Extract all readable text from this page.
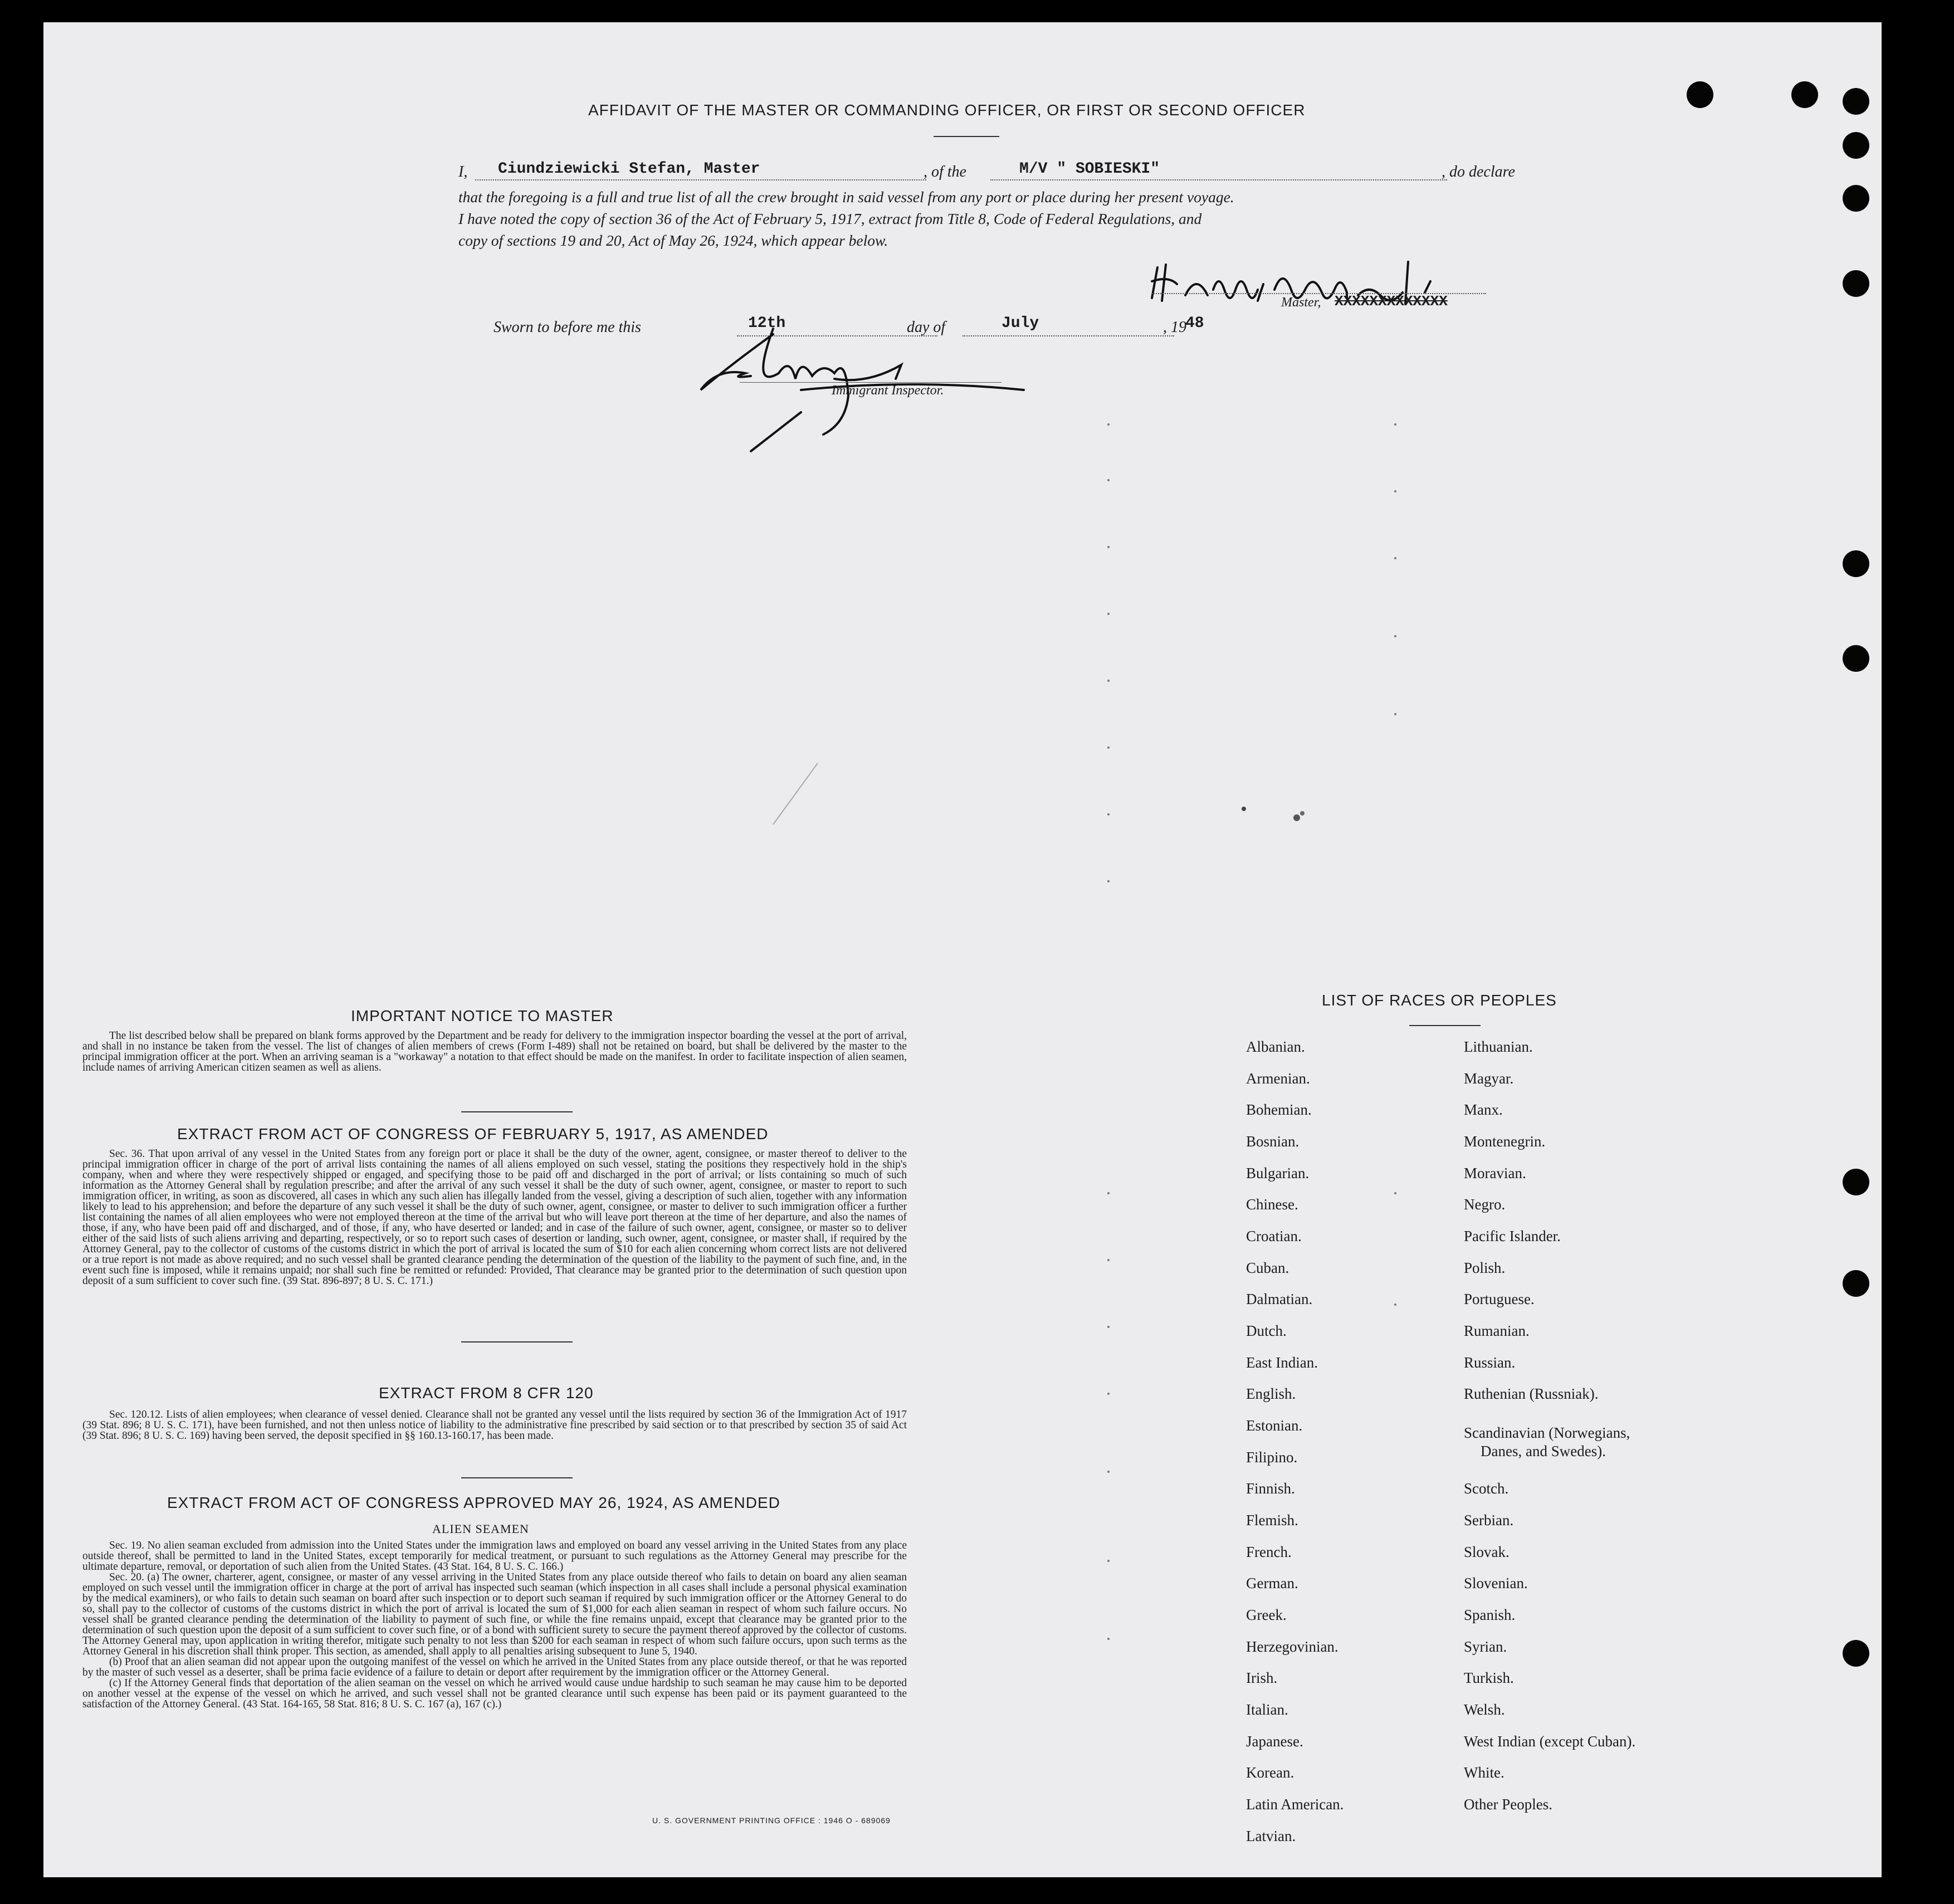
AFFIDAVIT OF THE MASTER OR COMMANDING OFFICER, OR FIRST OR SECOND OFFICER
I, Ciundziewicki Stefan, Master	, of the	M/V " SOBIESKI"	, do declare
that the foregoing is a full and true list of all the crew brought in said vessel from any port or place during her present voyage.
I have noted the copy of section 36 of the Act of February 5, 1917, extract from Title 8, Code of Federal Regulations, and
copy of sections 19 and 20, Act of May 26, 1924, which appear below.
Master, XXXXXXXXXXXXX
Sworn to before me this	12th	day of	July	, 19
48
Immigrant Inspector.
IMPORTANT NOTICE TO MASTER

The list described below shall be prepared on blank forms approved by the Department and be ready for delivery to the immigration inspector boarding the vessel at the port of arrival, and shall in no instance be taken from the vessel. The list of changes of alien members of crews (Form I-489) shall not be retained on board, but shall be delivered by the master to the principal immigration officer at the port. When an arriving seaman is a "workaway" a notation to that effect should be made on the manifest. In order to facilitate inspection of alien seamen, include names of arriving American citizen seamen as well as aliens.

EXTRACT FROM ACT OF CONGRESS OF FEBRUARY 5, 1917, AS AMENDED

Sec. 36. That upon arrival of any vessel in the United States from any foreign port or place it shall be the duty of the owner, agent, consignee, or master thereof to deliver to the principal immigration officer in charge of the port of arrival lists containing the names of all aliens employed on such vessel, stating the positions they respectively hold in the ship's company, when and where they were respectively shipped or engaged, and specifying those to be paid off and discharged in the port of arrival; or lists containing so much of such information as the Attorney General shall by regulation prescribe; and after the arrival of any such vessel it shall be the duty of such owner, agent, consignee, or master to report to such immigration officer, in writing, as soon as discovered, all cases in which any such alien has illegally landed from the vessel, giving a description of such alien, together with any information likely to lead to his apprehension; and before the departure of any such vessel it shall be the duty of such owner, agent, consignee, or master to deliver to such immigration officer a further list containing the names of all alien employees who were not employed thereon at the time of the arrival but who will leave port thereon at the time of her departure, and also the names of those, if any, who have been paid off and discharged, and of those, if any, who have deserted or landed; and in case of the failure of such owner, agent, consignee, or master so to deliver either of the said lists of such aliens arriving and departing, respectively, or so to report such cases of desertion or landing, such owner, agent, consignee, or master shall, if required by the Attorney General, pay to the collector of customs of the customs district in which the port of arrival is located the sum of $10 for each alien concerning whom correct lists are not delivered or a true report is not made as above required; and no such vessel shall be granted clearance pending the determination of the question of the liability to the payment of such fine, and, in the event such fine is imposed, while it remains unpaid; nor shall such fine be remitted or refunded: Provided, That clearance may be granted prior to the determination of such question upon deposit of a sum sufficient to cover such fine. (39 Stat. 896-897; 8 U. S. C. 171.)

EXTRACT FROM 8 CFR 120

Sec. 120.12. Lists of alien employees; when clearance of vessel denied. Clearance shall not be granted any vessel until the lists required by section 36 of the Immigration Act of 1917 (39 Stat. 896; 8 U. S. C. 171), have been furnished, and not then unless notice of liability to the administrative fine prescribed by said section or to that prescribed by section 35 of said Act (39 Stat. 896; 8 U. S. C. 169) having been served, the deposit specified in §§ 160.13-160.17, has been made.

EXTRACT FROM ACT OF CONGRESS APPROVED MAY 26, 1924, AS AMENDED
ALIEN SEAMEN

Sec. 19. No alien seaman excluded from admission into the United States under the immigration laws and employed on board any vessel arriving in the United States from any place outside thereof, shall be permitted to land in the United States, except temporarily for medical treatment, or pursuant to such regulations as the Attorney General may prescribe for the ultimate departure, removal, or deportation of such alien from the United States. (43 Stat. 164, 8 U. S. C. 166.)

Sec. 20. (a) The owner, charterer, agent, consignee, or master of any vessel arriving in the United States from any place outside thereof who fails to detain on board any alien seaman employed on such vessel until the immigration officer in charge at the port of arrival has inspected such seaman (which inspection in all cases shall include a personal physical examination by the medical examiners), or who fails to detain such seaman on board after such inspection or to deport such seaman if required by such immigration officer or the Attorney General to do so, shall pay to the collector of customs of the customs district in which the port of arrival is located the sum of $1,000 for each alien seaman in respect of whom such failure occurs. No vessel shall be granted clearance pending the determination of the liability to payment of such fine, or while the fine remains unpaid, except that clearance may be granted prior to the determination of such question upon the deposit of a sum sufficient to cover such fine, or of a bond with sufficient surety to secure the payment thereof approved by the collector of customs. The Attorney General may, upon application in writing therefor, mitigate such penalty to not less than $200 for each seaman in respect of whom such failure occurs, upon such terms as the Attorney General in his discretion shall think proper. This section, as amended, shall apply to all penalties arising subsequent to June 5, 1940.

(b) Proof that an alien seaman did not appear upon the outgoing manifest of the vessel on which he arrived in the United States from any place outside thereof, or that he was reported by the master of such vessel as a deserter, shall be prima facie evidence of a failure to detain or deport after requirement by the immigration officer or the Attorney General.

(c) If the Attorney General finds that deportation of the alien seaman on the vessel on which he arrived would cause undue hardship to such seaman he may cause him to be deported on another vessel at the expense of the vessel on which he arrived, and such vessel shall not be granted clearance until such expense has been paid or its payment guaranteed to the satisfaction of the Attorney General. (43 Stat. 164-165, 58 Stat. 816; 8 U. S. C. 167 (a), 167 (c).)

U. S. GOVERNMENT PRINTING OFFICE : 1946 O - 689069
LIST OF RACES OR PEOPLES
Albanian.
Armenian.
Bohemian.
Bosnian.
Bulgarian.
Chinese.
Croatian.
Cuban.
Dalmatian.
Dutch.
East Indian.
English.
Estonian.
Filipino.
Finnish.
Flemish.
French.
German.
Greek.
Herzegovinian.
Irish.
Italian.
Japanese.
Korean.
Latin American.
Latvian.
Lithuanian.
Magyar.
Manx.
Montenegrin.
Moravian.
Negro.
Pacific Islander.
Polish.
Portuguese.
Rumanian.
Russian.
Ruthenian (Russniak).
Scandinavian (Norwegians,
Danes, and Swedes).
Scotch.
Serbian.
Slovak.
Slovenian.
Spanish.
Syrian.
Turkish.
Welsh.
West Indian (except Cuban).
White.
Other Peoples.
